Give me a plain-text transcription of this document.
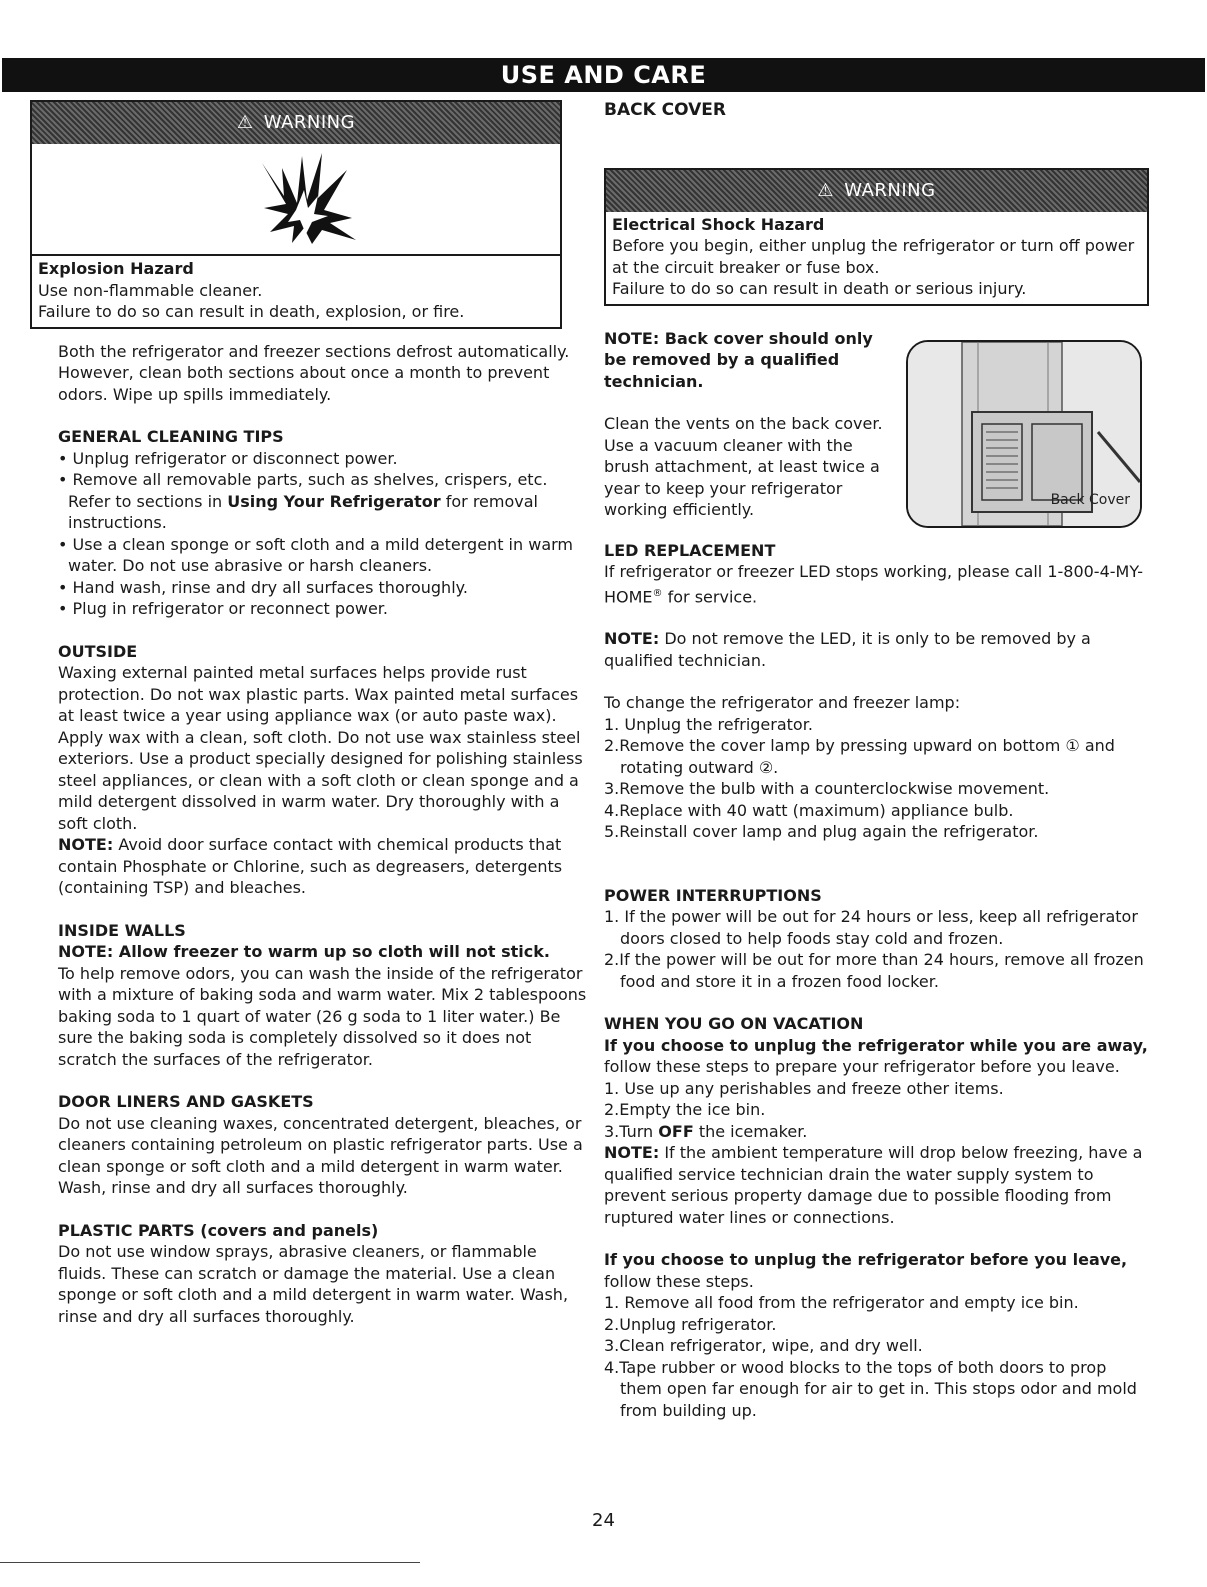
USE AND CARE
⚠ WARNING
Explosion Hazard
Use non-flammable cleaner.
Failure to do so can result in death, explosion, or fire.

Both the refrigerator and freezer sections defrost automatically. However, clean both sections about once a month to prevent odors. Wipe up spills immediately.

GENERAL CLEANING TIPS
• Unplug refrigerator or disconnect power.
• Remove all removable parts, such as shelves, crispers, etc.
Refer to sections in Using Your Refrigerator for removal instructions.
• Use a clean sponge or soft cloth and a mild detergent in warm water. Do not use abrasive or harsh cleaners.
• Hand wash, rinse and dry all surfaces thoroughly.
• Plug in refrigerator or reconnect power.
OUTSIDE

Waxing external painted metal surfaces helps provide rust protection. Do not wax plastic parts. Wax painted metal surfaces at least twice a year using appliance wax (or auto paste wax). Apply wax with a clean, soft cloth. Do not use wax stainless steel exteriors. Use a product specially designed for polishing stainless steel appliances, or clean with a soft cloth or clean sponge and a mild detergent dissolved in warm water. Dry thoroughly with a soft cloth.

NOTE: Avoid door surface contact with chemical products that contain Phosphate or Chlorine, such as degreasers, detergents (containing TSP) and bleaches.

INSIDE WALLS

NOTE: Allow freezer to warm up so cloth will not stick.

To help remove odors, you can wash the inside of the refrigerator with a mixture of baking soda and warm water. Mix 2 tablespoons baking soda to 1 quart of water (26 g soda to 1 liter water.) Be sure the baking soda is completely dissolved so it does not scratch the surfaces of the refrigerator.

DOOR LINERS AND GASKETS

Do not use cleaning waxes, concentrated detergent, bleaches, or cleaners containing petroleum on plastic refrigerator parts. Use a clean sponge or soft cloth and a mild detergent in warm water. Wash, rinse and dry all surfaces thoroughly.

PLASTIC PARTS (covers and panels)

Do not use window sprays, abrasive cleaners, or flammable fluids. These can scratch or damage the material. Use a clean sponge or soft cloth and a mild detergent in warm water. Wash, rinse and dry all surfaces thoroughly.

BACK COVER
⚠ WARNING
Electrical Shock Hazard
Before you begin, either unplug the refrigerator or turn off power at the circuit breaker or fuse box.
Failure to do so can result in death or serious injury.

NOTE: Back cover should only be removed by a qualified technician.

Clean the vents on the back cover. Use a vacuum cleaner with the brush attachment, at least twice a year to keep your refrigerator working efficiently.	Back Cover
LED REPLACEMENT

If refrigerator or freezer LED stops working, please call 1-800-4-MY-HOME® for service.

NOTE: Do not remove the LED, it is only to be removed by a qualified technician.

To change the refrigerator and freezer lamp:

1. Unplug the refrigerator.
2.Remove the cover lamp by pressing upward on bottom ① and rotating outward ②.
3.Remove the bulb with a counterclockwise movement.
4.Replace with 40 watt (maximum) appliance bulb.
5.Reinstall cover lamp and plug again the refrigerator.
POWER INTERRUPTIONS
1. If the power will be out for 24 hours or less, keep all refrigerator doors closed to help foods stay cold and frozen.
2.If the power will be out for more than 24 hours, remove all frozen food and store it in a frozen food locker.
WHEN YOU GO ON VACATION

If you choose to unplug the refrigerator while you are away, follow these steps to prepare your refrigerator before you leave.

1. Use up any perishables and freeze other items.
2.Empty the ice bin.
3.Turn OFF the icemaker.

NOTE: If the ambient temperature will drop below freezing, have a qualified service technician drain the water supply system to prevent serious property damage due to possible flooding from ruptured water lines or connections.

If you choose to unplug the refrigerator before you leave, follow these steps.

1. Remove all food from the refrigerator and empty ice bin.
2.Unplug refrigerator.
3.Clean refrigerator, wipe, and dry well.
4.Tape rubber or wood blocks to the tops of both doors to prop them open far enough for air to get in. This stops odor and mold from building up.
24
